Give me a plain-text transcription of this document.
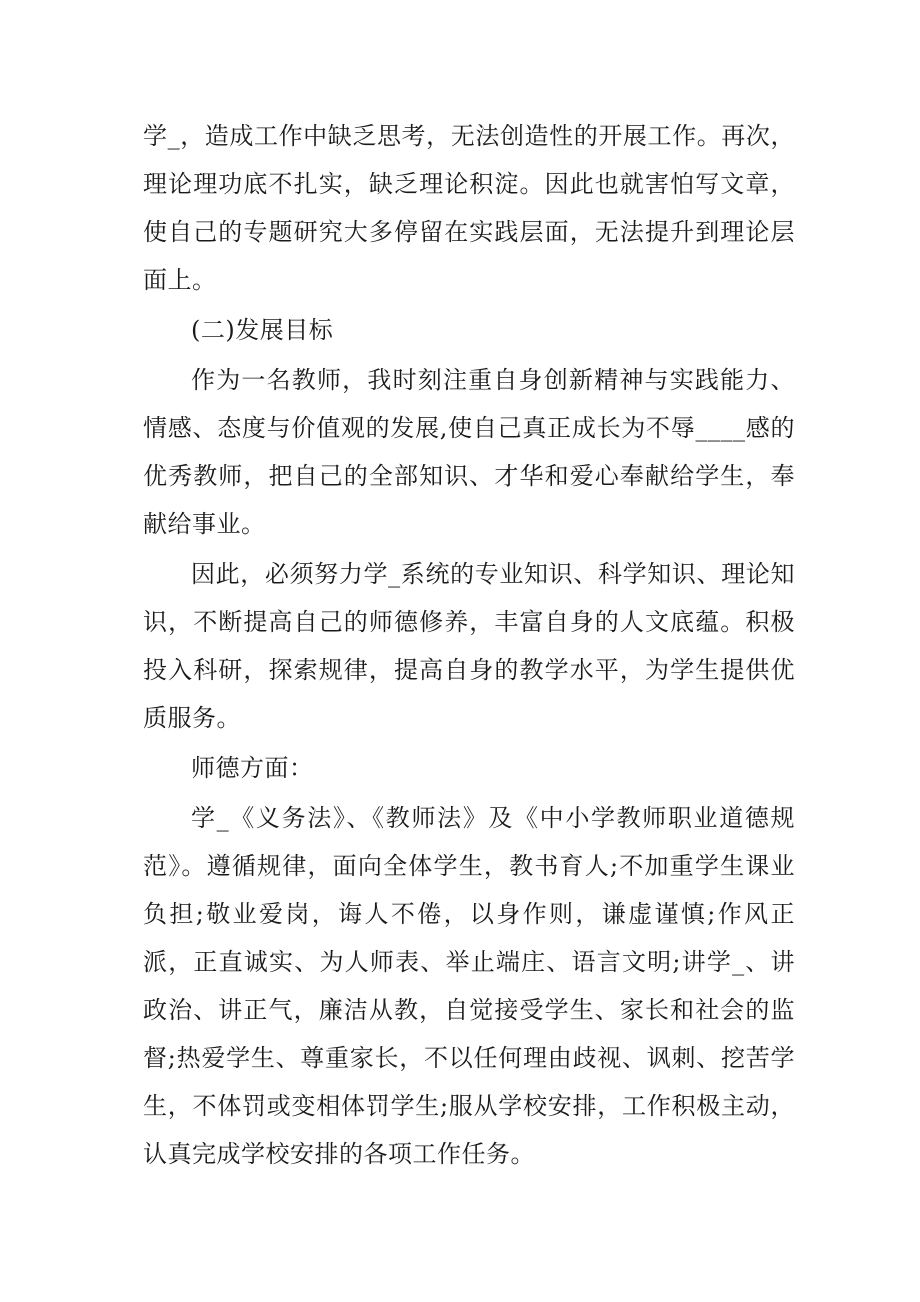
学_，造成工作中缺乏思考，无法创造性的开展工作。再次，理论理功底不扎实，缺乏理论积淀。因此也就害怕写文章，使自己的专题研究大多停留在实践层面，无法提升到理论层面上。

(二)发展目标

作为一名教师，我时刻注重自身创新精神与实践能力、情感、态度与价值观的发展,使自己真正成长为不辱____感的优秀教师，把自己的全部知识、才华和爱心奉献给学生，奉献给事业。

因此，必须努力学_系统的专业知识、科学知识、理论知识，不断提高自己的师德修养，丰富自身的人文底蕴。积极投入科研，探索规律，提高自身的教学水平，为学生提供优质服务。

师德方面：

学_《义务法》、《教师法》及《中小学教师职业道德规范》。遵循规律，面向全体学生，教书育人;不加重学生课业负担;敬业爱岗，诲人不倦，以身作则，谦虚谨慎;作风正派，正直诚实、为人师表、举止端庄、语言文明;讲学_、讲政治、讲正气，廉洁从教，自觉接受学生、家长和社会的监督;热爱学生、尊重家长，不以任何理由歧视、讽刺、挖苦学生，不体罚或变相体罚学生;服从学校安排，工作积极主动，认真完成学校安排的各项工作任务。
